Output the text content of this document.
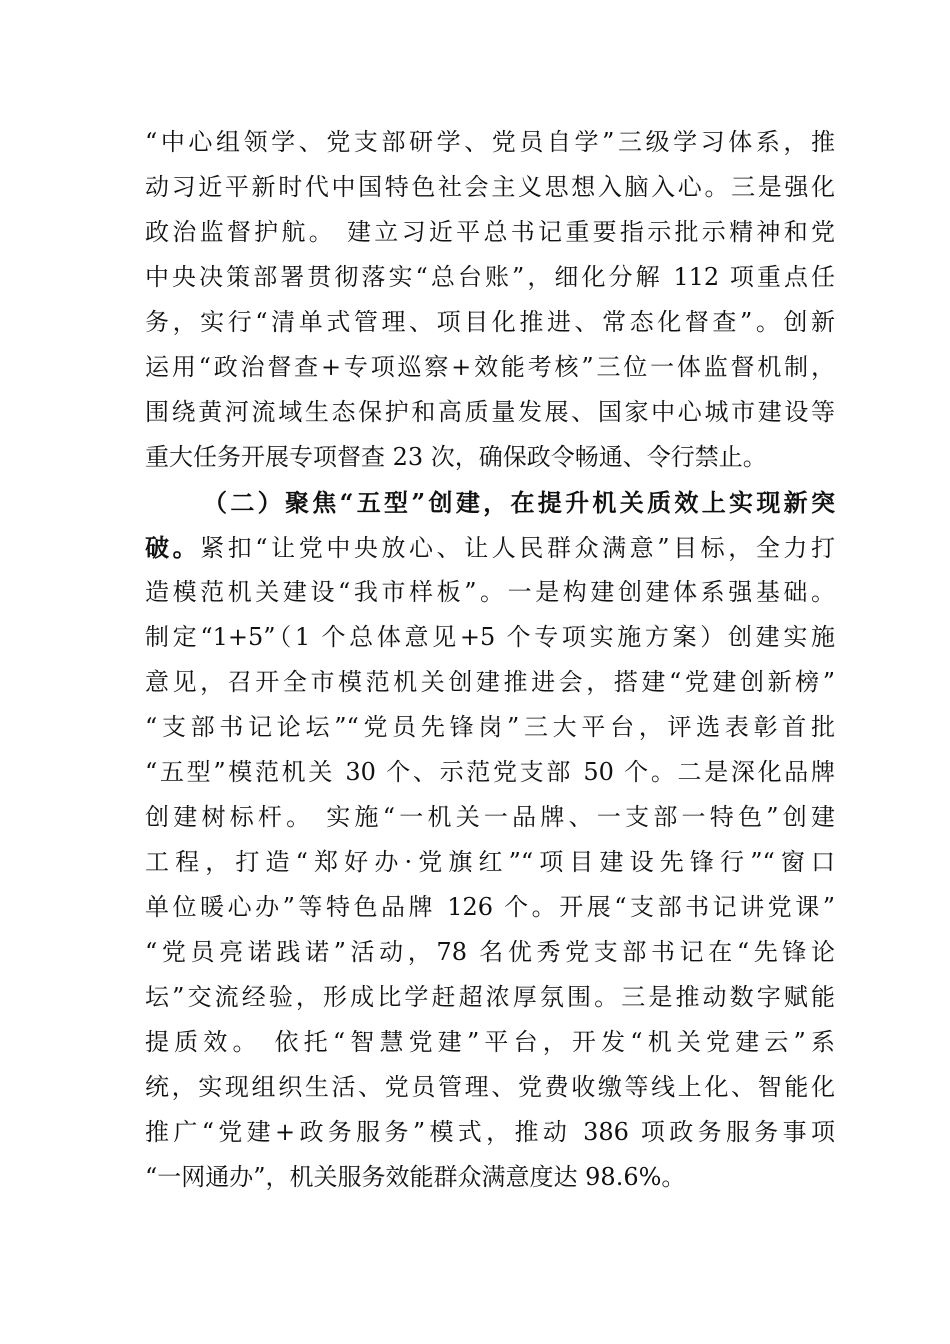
“中心组领学、党支部研学、党员自学”三级学习体系，推
动习近平新时代中国特色社会主义思想入脑入心。三是强化
政治监督护航。 建立习近平总书记重要指示批示精神和党
中央决策部署贯彻落实“总台账”，细化分解 112 项重点任
务，实行“清单式管理、项目化推进、常态化督查”。创新
运用“政治督查+专项巡察+效能考核”三位一体监督机制，
围绕黄河流域生态保护和高质量发展、国家中心城市建设等
重大任务开展专项督查 23 次，确保政令畅通、令行禁止。
（二）聚焦“五型”创建，在提升机关质效上实现新突
破。紧扣“让党中央放心、让人民群众满意”目标，全力打
造模范机关建设“我市样板”。一是构建创建体系强基础。
制定“1+5”（1 个总体意见+5 个专项实施方案）创建实施
意见，召开全市模范机关创建推进会，搭建“党建创新榜”
“支部书记论坛”“党员先锋岗”三大平台，评选表彰首批
“五型”模范机关 30 个、示范党支部 50 个。二是深化品牌
创建树标杆。 实施“一机关一品牌、一支部一特色”创建
工程，打造“郑好办·党旗红”“项目建设先锋行”“窗口
单位暖心办”等特色品牌 126 个。开展“支部书记讲党课”
“党员亮诺践诺”活动，78 名优秀党支部书记在“先锋论
坛”交流经验，形成比学赶超浓厚氛围。三是推动数字赋能
提质效。 依托“智慧党建”平台，开发“机关党建云”系
统，实现组织生活、党员管理、党费收缴等线上化、智能化
推广“党建+政务服务”模式，推动 386 项政务服务事项
“一网通办”，机关服务效能群众满意度达 98.6%。
